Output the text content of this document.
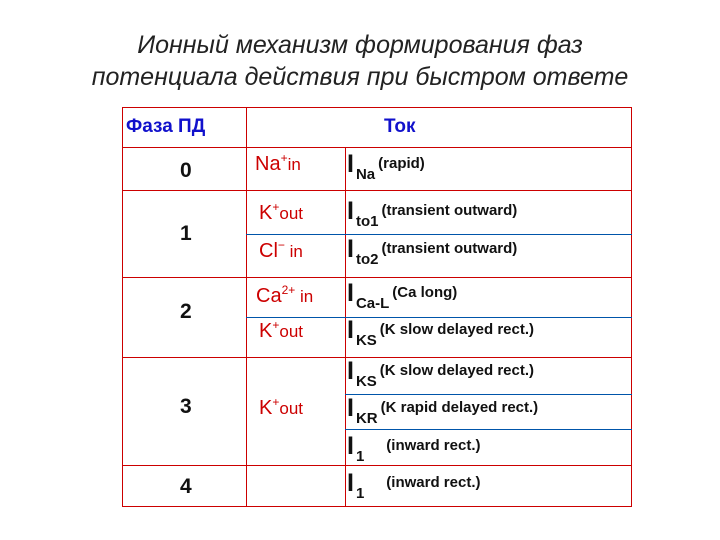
Ионный механизм формирования фаз
потенциала действия при быстром ответе
Фаза ПД	Ток
0
1
2
3
4
Na+in
K+out
Cl− in
$Ca^{2+}$ in
K+out
K+out
I Na(rapid)
Ito1(transient outward)
Ito2(transient outward)
I Ca-L(Ca long)
IKS(K slow delayed rect.)
IKS(K slow delayed rect.)
IKR(K rapid delayed rect.)
I 1(inward rect.)
I 1(inward rect.)
